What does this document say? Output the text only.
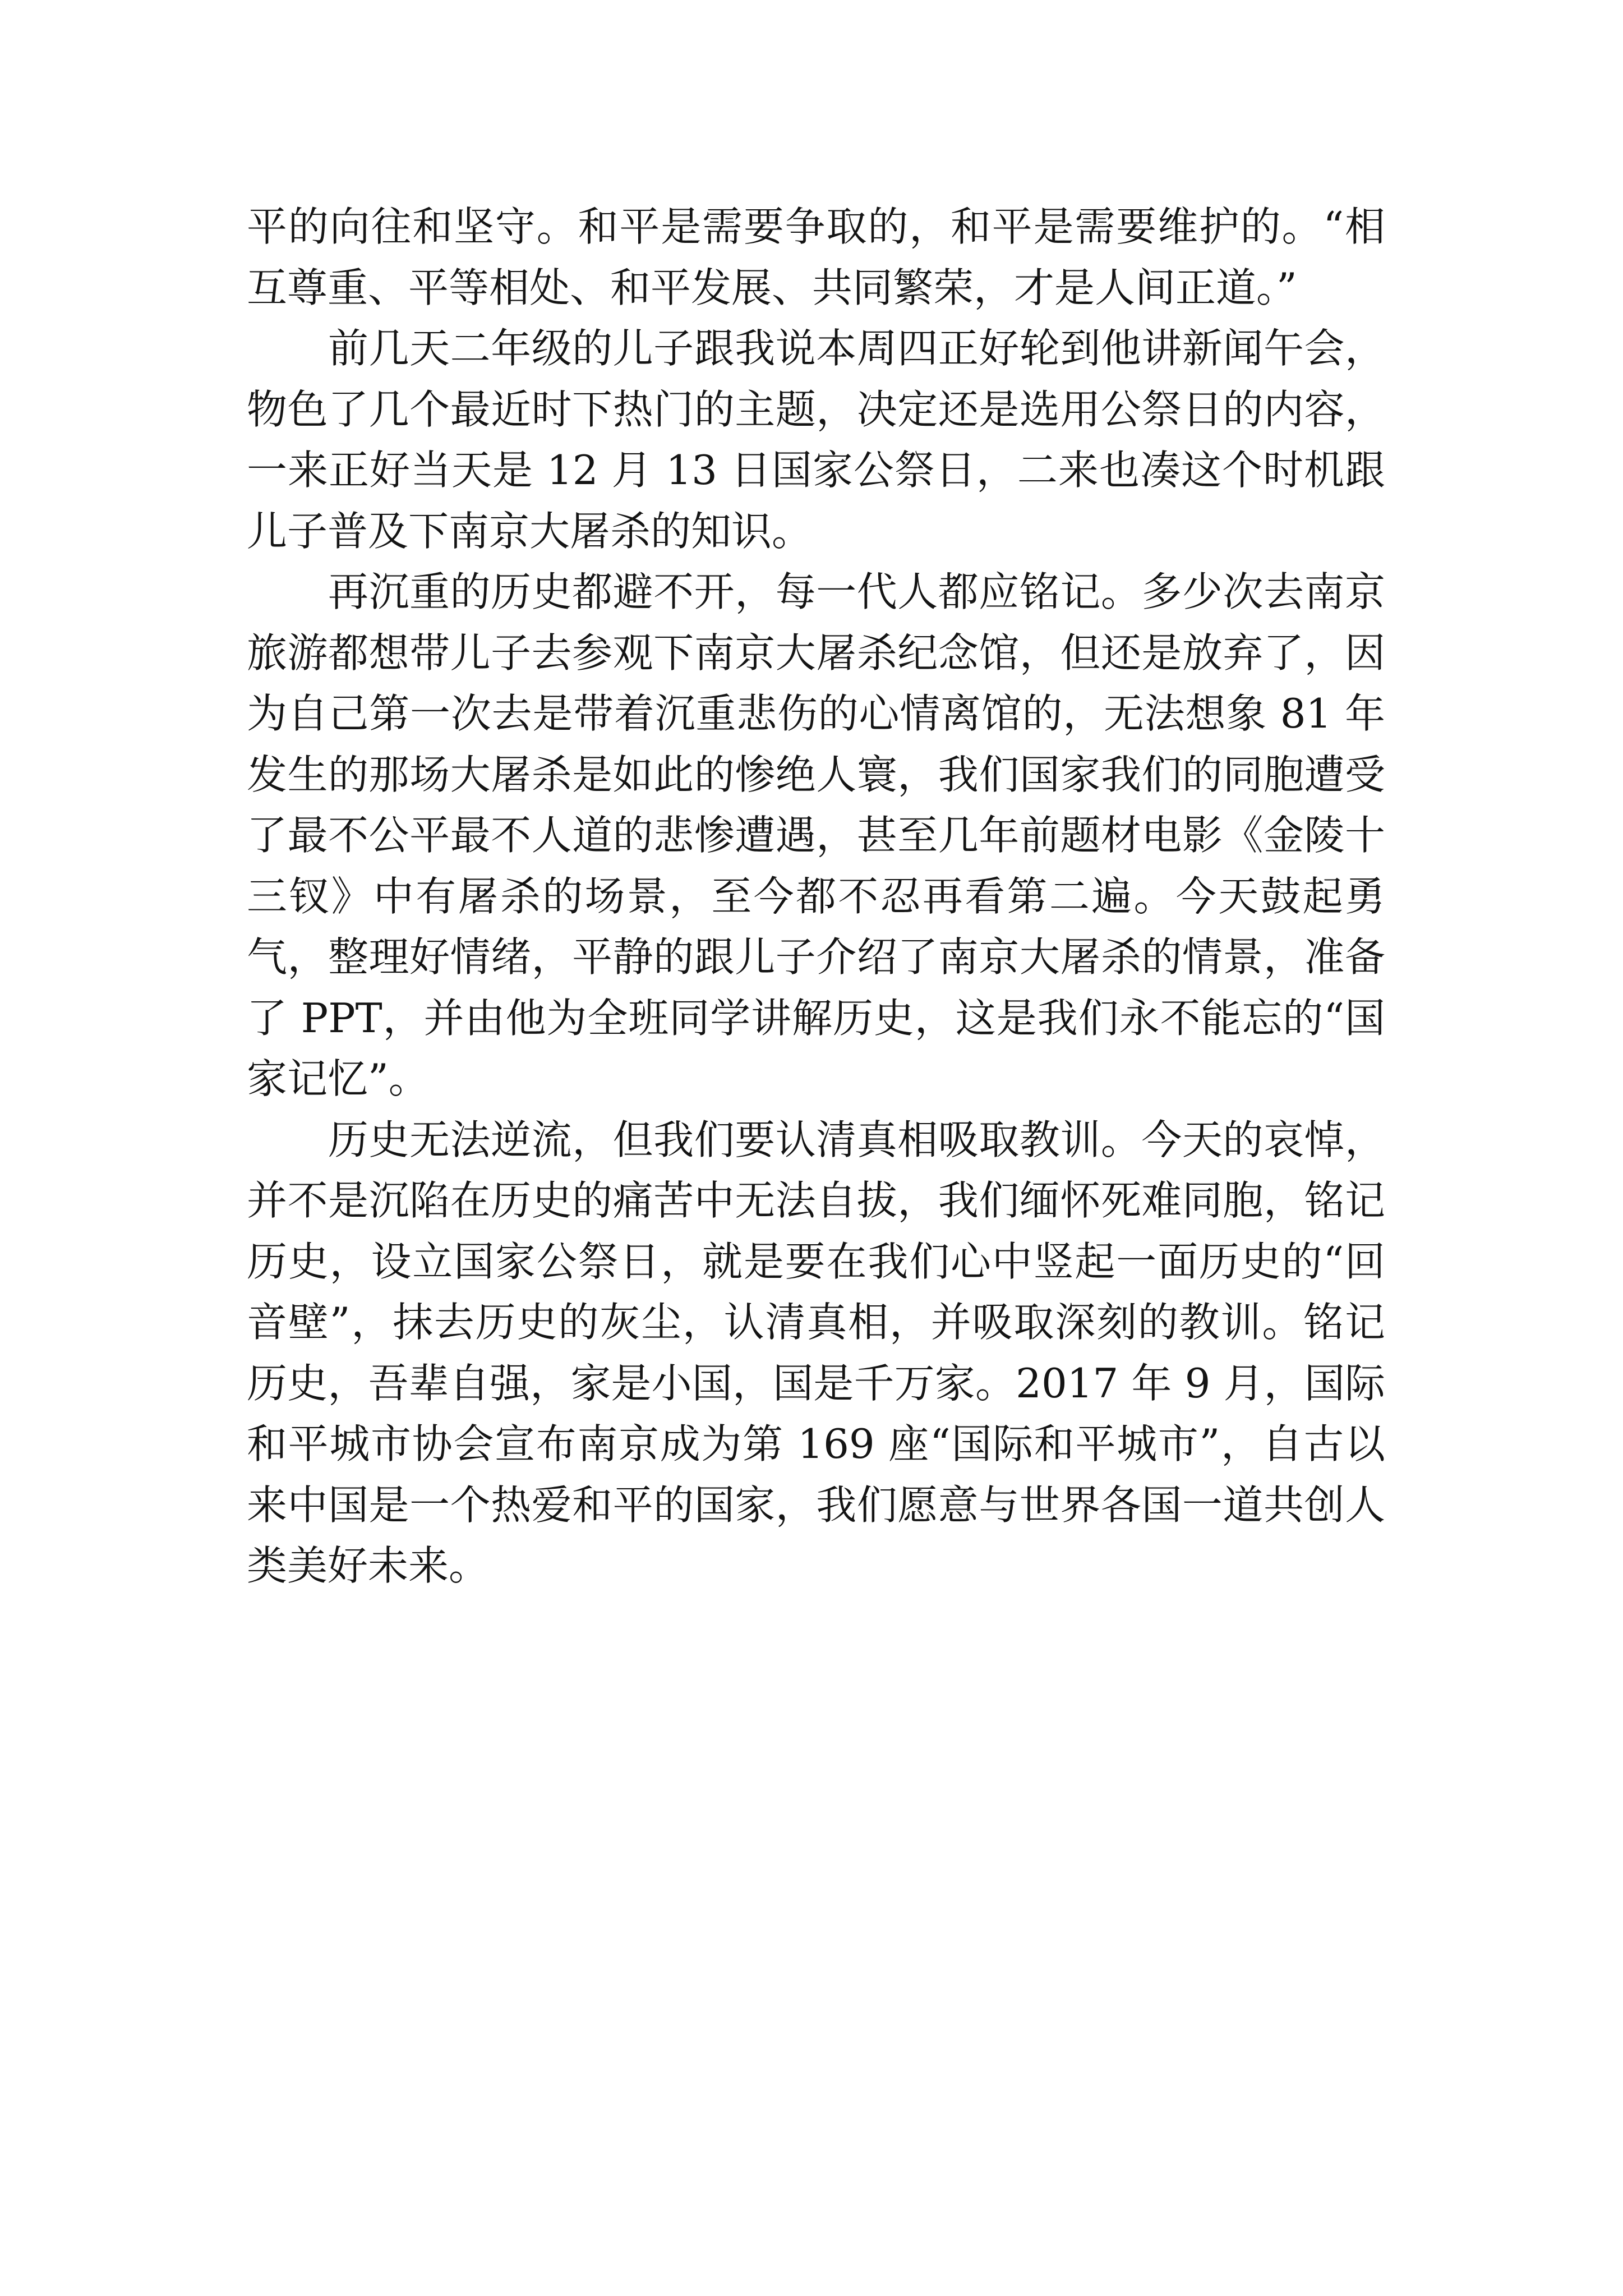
平的向往和坚守。和平是需要争取的，和平是需要维护的。“相互尊重、平等相处、和平发展、共同繁荣，才是人间正道。”

前几天二年级的儿子跟我说本周四正好轮到他讲新闻午会，物色了几个最近时下热门的主题，决定还是选用公祭日的内容，一来正好当天是 12 月 13 日国家公祭日，二来也凑这个时机跟儿子普及下南京大屠杀的知识。

再沉重的历史都避不开，每一代人都应铭记。多少次去南京旅游都想带儿子去参观下南京大屠杀纪念馆，但还是放弃了，因为自己第一次去是带着沉重悲伤的心情离馆的，无法想象 81 年发生的那场大屠杀是如此的惨绝人寰，我们国家我们的同胞遭受了最不公平最不人道的悲惨遭遇，甚至几年前题材电影《金陵十三钗》中有屠杀的场景，至今都不忍再看第二遍。今天鼓起勇气，整理好情绪，平静的跟儿子介绍了南京大屠杀的情景，准备了 PPT，并由他为全班同学讲解历史，这是我们永不能忘的“国家记忆”。

历史无法逆流，但我们要认清真相吸取教训。今天的哀悼，并不是沉陷在历史的痛苦中无法自拔，我们缅怀死难同胞，铭记历史，设立国家公祭日，就是要在我们心中竖起一面历史的“回音壁”，抹去历史的灰尘，认清真相，并吸取深刻的教训。铭记历史，吾辈自强，家是小国，国是千万家。2017 年 9 月，国际和平城市协会宣布南京成为第 169 座“国际和平城市”，自古以来中国是一个热爱和平的国家，我们愿意与世界各国一道共创人类美好未来。
